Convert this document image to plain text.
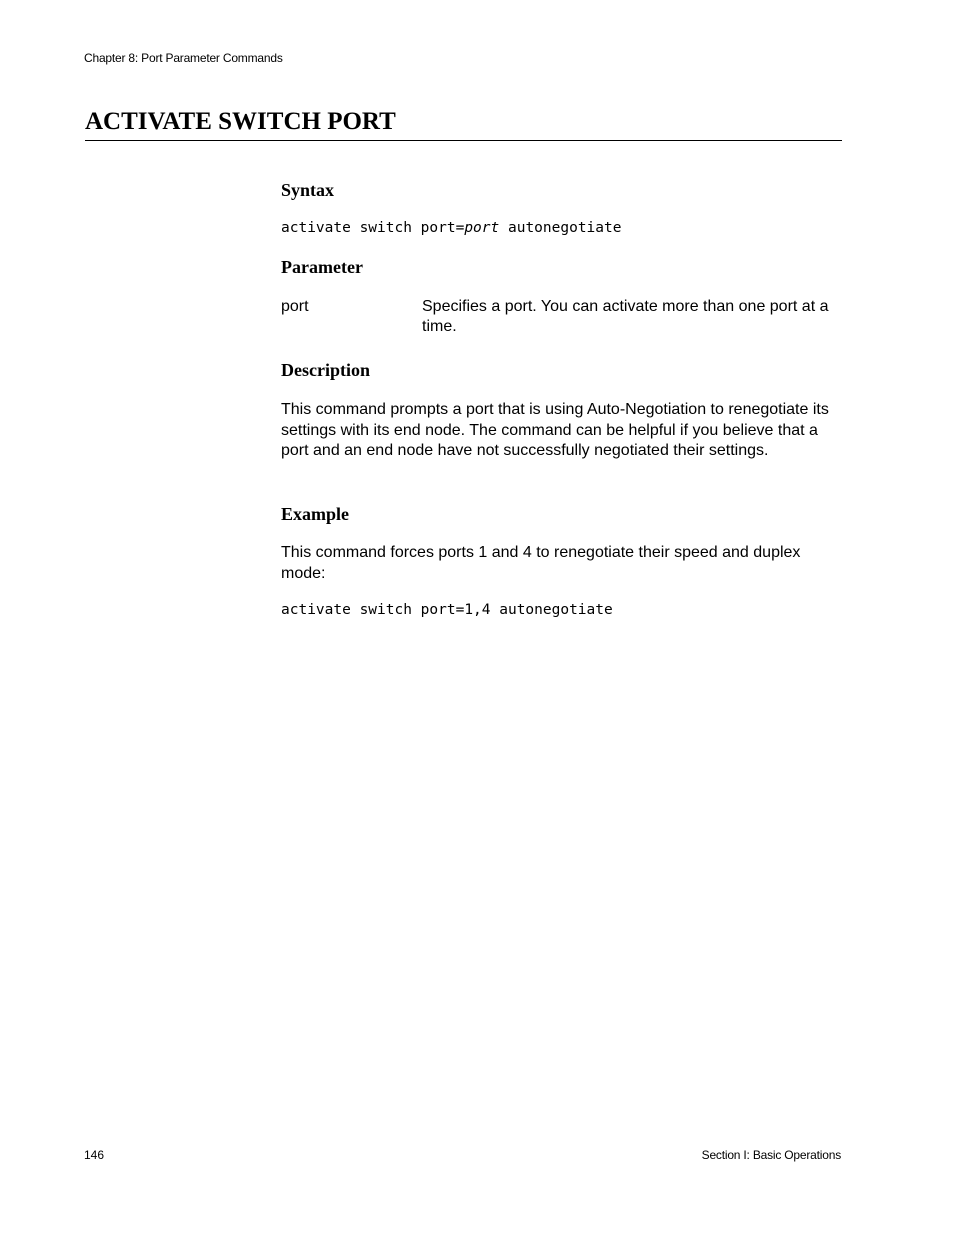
Chapter 8: Port Parameter Commands
ACTIVATE SWITCH PORT
Syntax
activate switch port=port autonegotiate
Parameter
port	Specifies a port. You can activate more than one port at a time.
Description
This command prompts a port that is using Auto-Negotiation to renegotiate its settings with its end node. The command can be helpful if you believe that a port and an end node have not successfully negotiated their settings.
Example
This command forces ports 1 and 4 to renegotiate their speed and duplex mode:
activate switch port=1,4 autonegotiate
146	Section I: Basic Operations
